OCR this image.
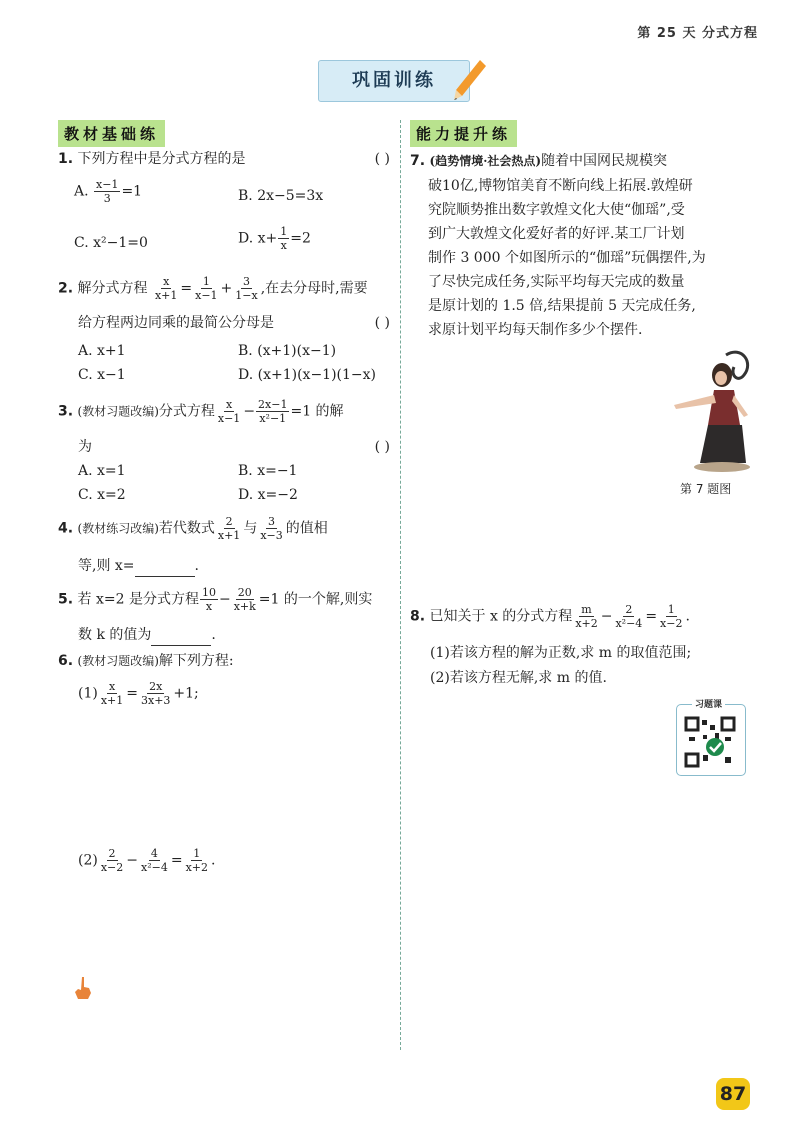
第 25 天 分式方程
巩固训练
教材基础练
1. 下列方程中是分式方程的是	( )
A. $\frac{x-1}{3} =1$	B. 2x−5=3x
C. x²−1=0	D. $x+ \frac{1}{x} =2$
2. 解分式方程 $\frac{x}{x+1} = \frac{1}{x-1} + \frac{3}{1-x}$ ,在去分母时,需要
给方程两边同乘的最简公分母是	( )
A. x+1	B. (x+1)(x−1)
C. x−1	D. (x+1)(x−1)(1−x)
3. (教材习题改编)分式方程 $\frac{x}{x-1} - \frac{2x-1}{\text{x²−1}} =1$ 的解
为	( )
A. x=1	B. x=−1
C. x=2	D. x=−2
4. (教材练习改编)若代数式 $\frac{2}{x+1}$ 与 $\frac{3}{x-3}$ 的值相
等,则 x=	.
5. 若 x=2 是分式方程 $\frac{10}{x} - \frac{20}{x+k} =1$ 的一个解,则实
数 k 的值为	.
6. (教材习题改编)解下列方程:
$(1) \frac{x}{x+1} = \frac{2x}{3x+3} +1$;
$(2) \frac{2}{x-2} - \frac{4}{\text{x²−4}} = \frac{1}{x+2}$ .
能力提升练
7. (趋势情境·社会热点)随着中国网民规模突
破10亿,博物馆美育不断向线上拓展.敦煌研
究院顺势推出数字敦煌文化大使“伽瑶”,受
到广大敦煌文化爱好者的好评.某工厂计划
制作 3 000 个如图所示的“伽瑶”玩偶摆件,为
了尽快完成任务,实际平均每天完成的数量
是原计划的 1.5 倍,结果提前 5 天完成任务,
求原计划平均每天制作多少个摆件.
第 7 题图
8. 已知关于 x 的分式方程 $\frac{m}{x+2} - \frac{2}{\text{x²−4}} = \frac{1}{x-2}$ .
(1)若该方程的解为正数,求 m 的取值范围;
(2)若该方程无解,求 m 的值.
习题课
87
